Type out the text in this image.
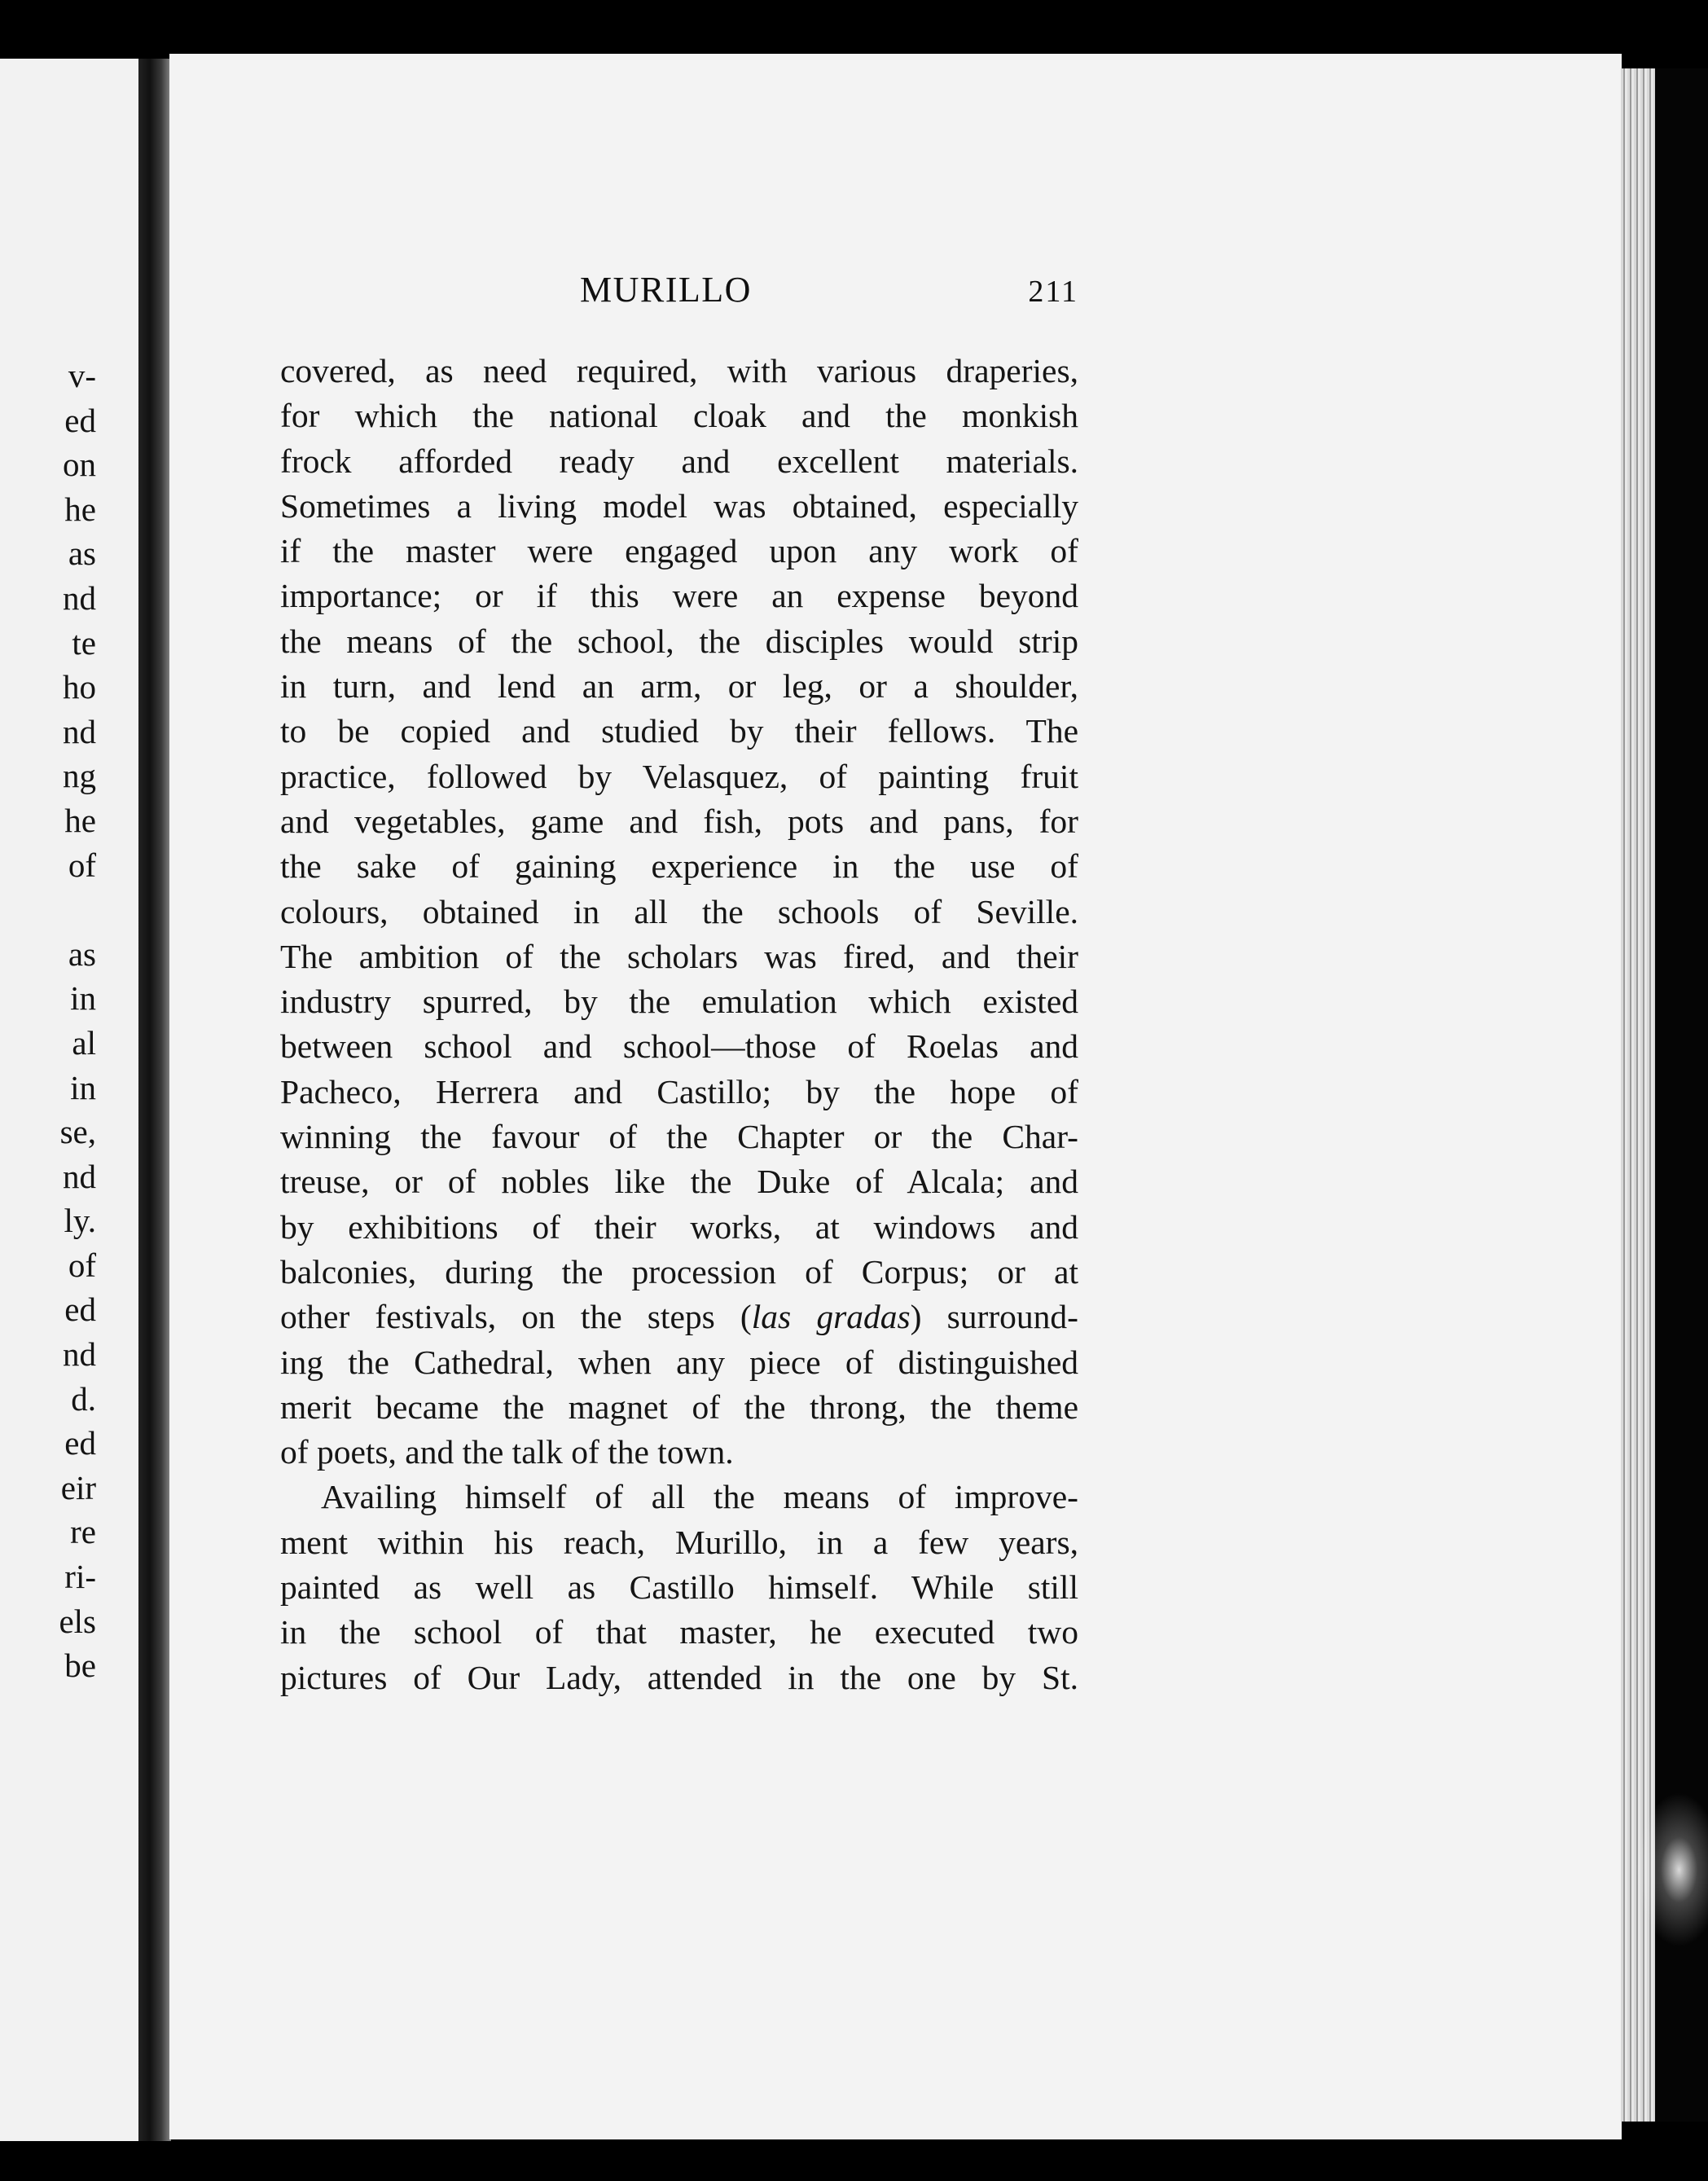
v-
ed
on
he
as
nd
te
ho
nd
ng
he
of
as
in
al
in
se,
nd
ly.
of
ed
nd
d.
ed
eir
re
ri-
els
be
MURILLO	211
covered, as need required, with various draperies,
for which the national cloak and the monkish
frock afforded ready and excellent materials.
Sometimes a living model was obtained, especially
if the master were engaged upon any work of
importance; or if this were an expense beyond
the means of the school, the disciples would strip
in turn, and lend an arm, or leg, or a shoulder,
to be copied and studied by their fellows. The
practice, followed by Velasquez, of painting fruit
and vegetables, game and fish, pots and pans, for
the sake of gaining experience in the use of
colours, obtained in all the schools of Seville.
The ambition of the scholars was fired, and their
industry spurred, by the emulation which existed
between school and school—those of Roelas and
Pacheco, Herrera and Castillo; by the hope of
winning the favour of the Chapter or the Char-
treuse, or of nobles like the Duke of Alcala; and
by exhibitions of their works, at windows and
balconies, during the procession of Corpus; or at
other festivals, on the steps (las gradas) surround-
ing the Cathedral, when any piece of distinguished
merit became the magnet of the throng, the theme
of poets, and the talk of the town.
Availing himself of all the means of improve-
ment within his reach, Murillo, in a few years,
painted as well as Castillo himself. While still
in the school of that master, he executed two
pictures of Our Lady, attended in the one by St.
